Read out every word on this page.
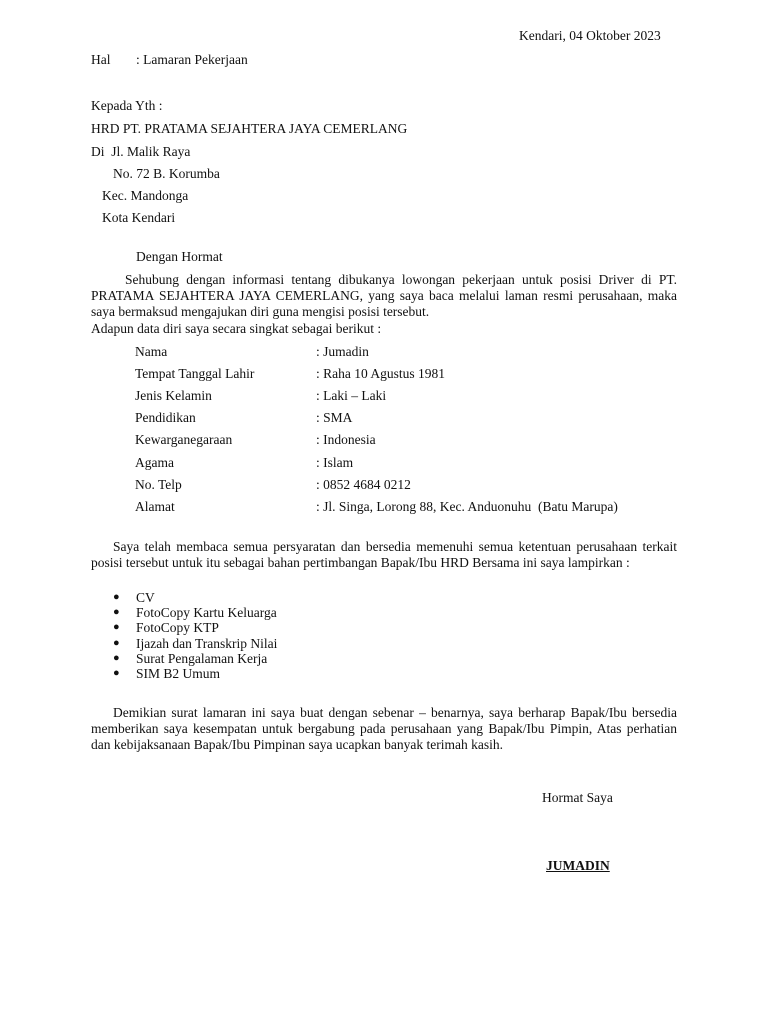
Kendari, 04 Oktober 2023
Hal : Lamaran Pekerjaan
Kepada Yth :
HRD PT. PRATAMA SEJAHTERA JAYA CEMERLANG
Di  Jl. Malik Raya
No. 72 B. Korumba
Kec. Mandonga
Kota Kendari
Dengan Hormat
Sehubung dengan informasi tentang dibukanya lowongan pekerjaan untuk posisi Driver di PT. PRATAMA SEJAHTERA JAYA CEMERLANG, yang saya baca melalui laman resmi perusahaan, maka saya bermaksud mengajukan diri guna mengisi posisi tersebut.
Adapun data diri saya secara singkat sebagai berikut :
Nama	: Jumadin
Tempat Tanggal Lahir	: Raha 10 Agustus 1981
Jenis Kelamin	: Laki – Laki
Pendidikan	: SMA
Kewarganegaraan	: Indonesia
Agama	: Islam
No. Telp	: 0852 4684 0212
Alamat	: Jl. Singa, Lorong 88, Kec. Anduonuhu  (Batu Marupa)
Saya telah membaca semua persyaratan dan bersedia memenuhi semua ketentuan perusahaan terkait posisi tersebut untuk itu sebagai bahan pertimbangan Bapak/Ibu HRD Bersama ini saya lampirkan :
● CV
● FotoCopy Kartu Keluarga
● FotoCopy KTP
● Ijazah dan Transkrip Nilai
● Surat Pengalaman Kerja
● SIM B2 Umum
Demikian surat lamaran ini saya buat dengan sebenar – benarnya, saya berharap Bapak/Ibu bersedia memberikan saya kesempatan untuk bergabung pada perusahaan yang Bapak/Ibu Pimpin, Atas perhatian dan kebijaksanaan Bapak/Ibu Pimpinan saya ucapkan banyak terimah kasih.
Hormat Saya
JUMADIN
